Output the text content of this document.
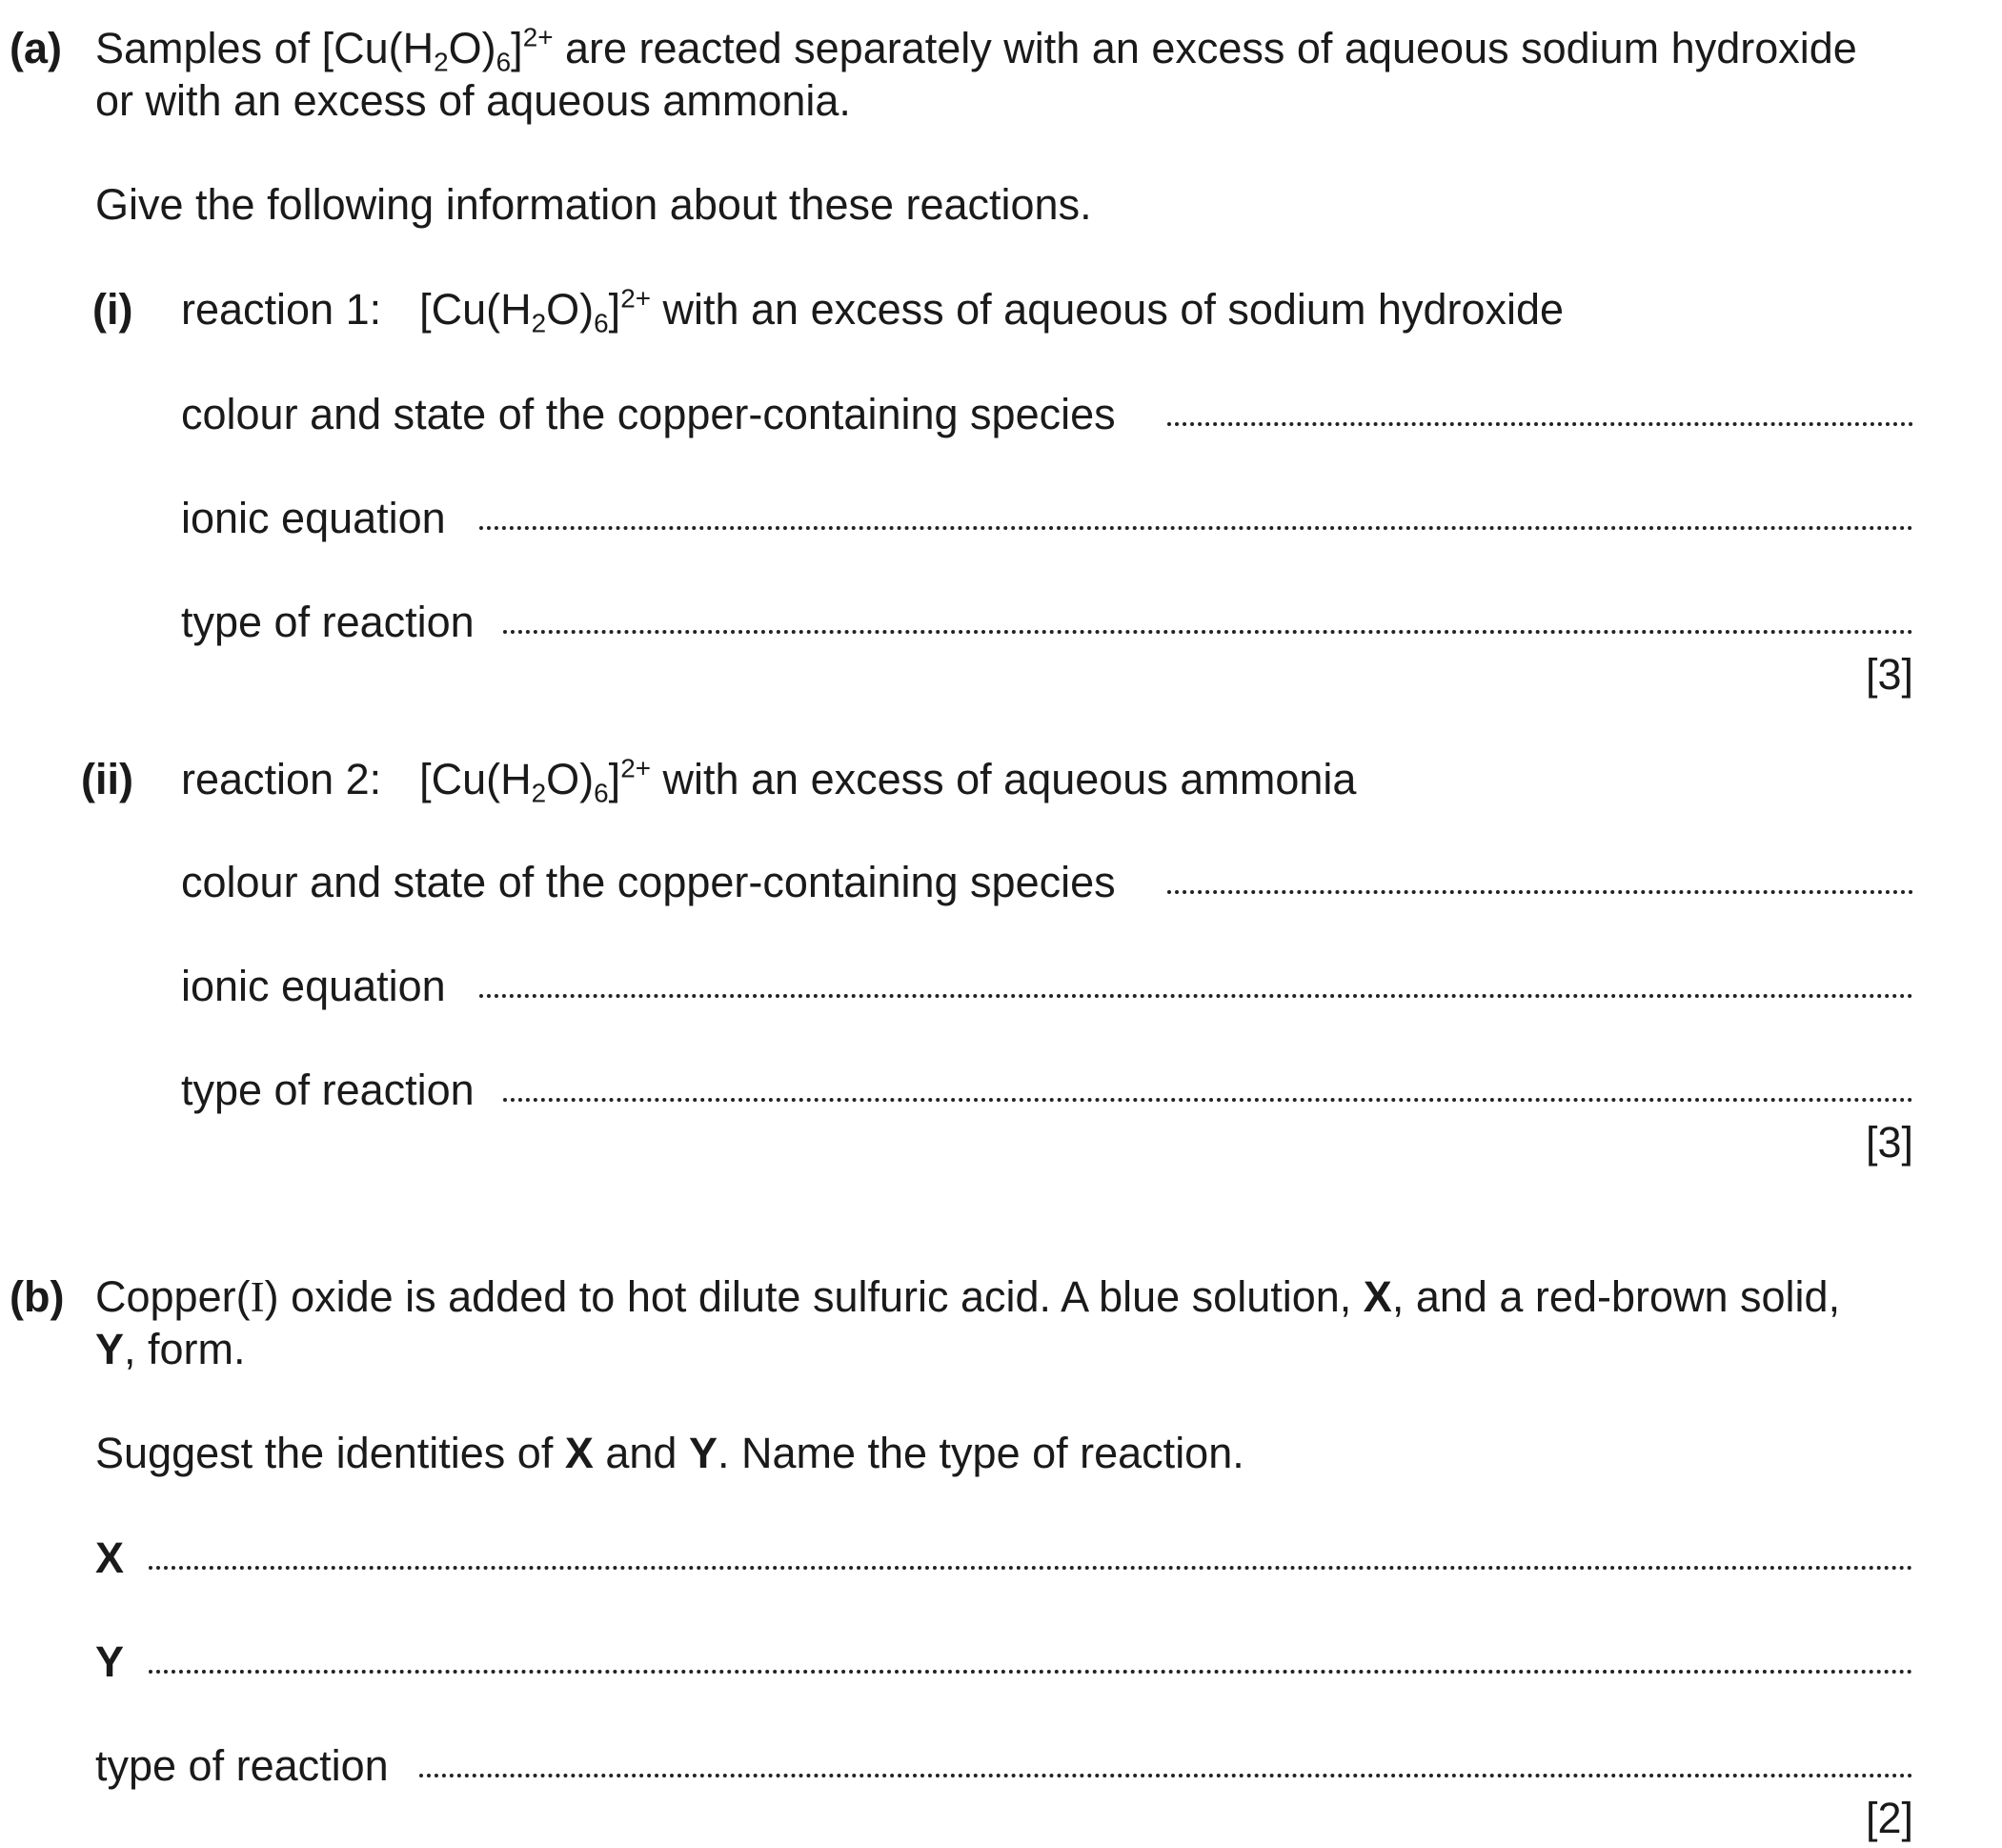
(a) Samples of $[Cu(H_2O)_6]^{2+}$ are reacted separately with an excess of aqueous sodium hydroxide
or with an excess of aqueous ammonia.
Give the following information about these reactions.
(i) reaction 1: $[Cu(H_2O)_6]^{2+}$ with an excess of aqueous of sodium hydroxide
colour and state of the copper-containing species
ionic equation
type of reaction
[3]
(ii) reaction 2: $[Cu(H_2O)_6]^{2+}$ with an excess of aqueous ammonia
colour and state of the copper-containing species
ionic equation
type of reaction
[3]
(b) Copper(I) oxide is added to hot dilute sulfuric acid. A blue solution, X, and a red-brown solid,
Y, form.
Suggest the identities of X and Y. Name the type of reaction.
X
Y
type of reaction
[2]
